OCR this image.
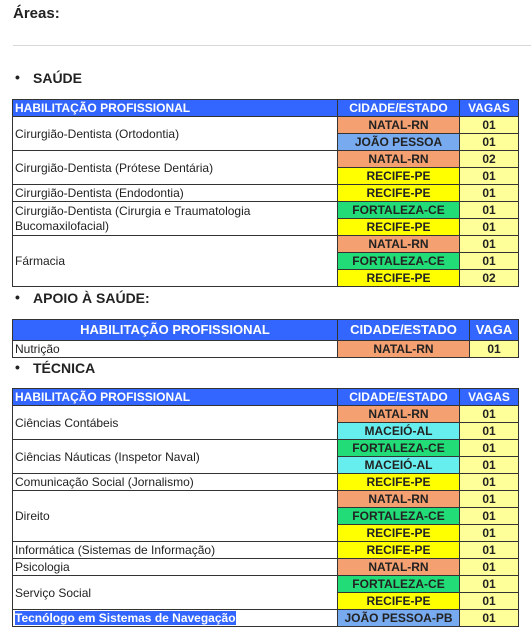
Áreas:
• SAÚDE
HABILITAÇÃO PROFISSIONAL	CIDADE/ESTADO	VAGAS
Cirurgião-Dentista (Ortodontia)	NATAL-RN	01
	JOÃO PESSOA	01
Cirurgião-Dentista (Prótese Dentária)	NATAL-RN	02
	RECIFE-PE	01
Cirurgião-Dentista (Endodontia)	RECIFE-PE	01
Cirurgião-Dentista (Cirurgia e Traumatologia Bucomaxilofacial)	FORTALEZA-CE	01
	RECIFE-PE	01
Fármacia	NATAL-RN	01
	FORTALEZA-CE	01
	RECIFE-PE	02
• APOIO À SAÚDE:
HABILITAÇÃO PROFISSIONAL	CIDADE/ESTADO	VAGA
Nutrição	NATAL-RN	01
• TÉCNICA
HABILITAÇÃO PROFISSIONAL	CIDADE/ESTADO	VAGAS
Ciências Contábeis	NATAL-RN	01
	MACEIÓ-AL	01
Ciências Náuticas (Inspetor Naval)	FORTALEZA-CE	01
	MACEIÓ-AL	01
Comunicação Social (Jornalismo)	RECIFE-PE	01
Direito	NATAL-RN	01
	FORTALEZA-CE	01
	RECIFE-PE	01
Informática (Sistemas de Informação)	RECIFE-PE	01
Psicologia	NATAL-RN	01
Serviço Social	FORTALEZA-CE	01
	RECIFE-PE	01
Tecnólogo em Sistemas de Navegação	JOÃO PESSOA-PB	01
